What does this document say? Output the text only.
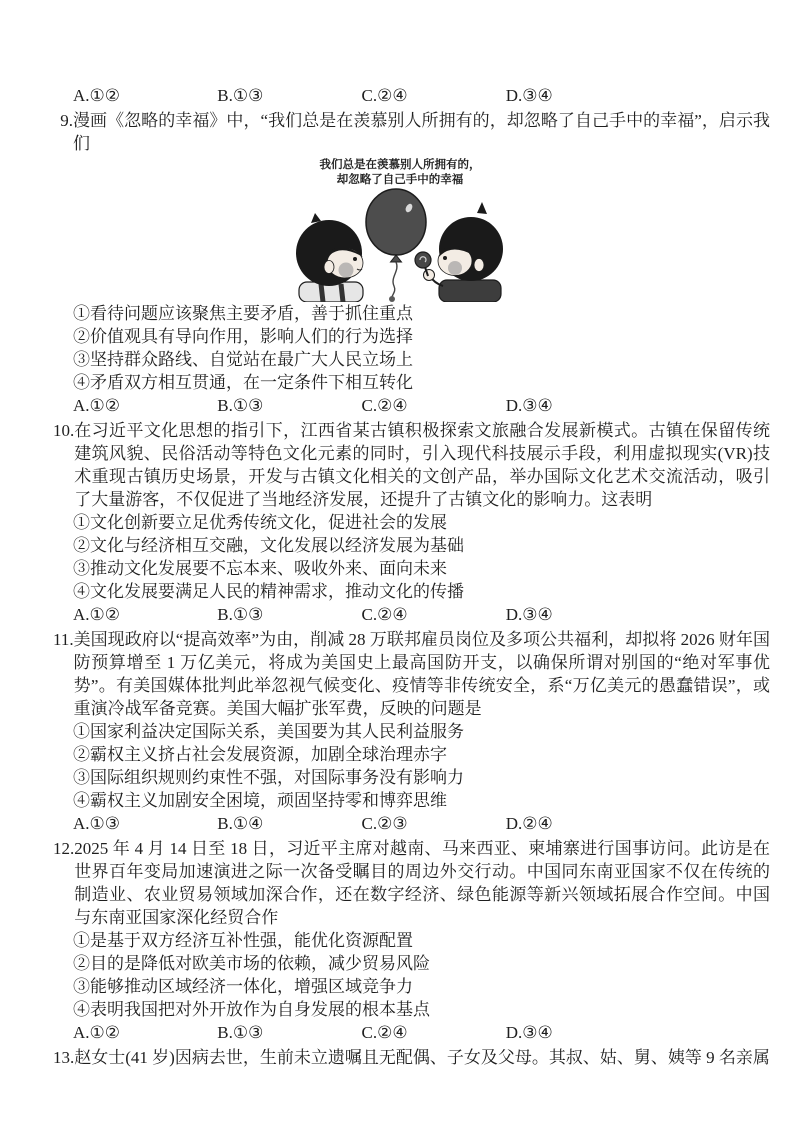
A.①②	B.①③	C.②④	D.③④
9. 漫画《忽略的幸福》中，“我们总是在羡慕别人所拥有的，却忽略了自己手中的幸福”，启示我们
我们总是在羡慕别人所拥有的，
却忽略了自己手中的幸福
①看待问题应该聚焦主要矛盾，善于抓住重点
②价值观具有导向作用，影响人们的行为选择
③坚持群众路线、自觉站在最广大人民立场上
④矛盾双方相互贯通，在一定条件下相互转化
A.①②	B.①③	C.②④	D.③④
10. 在习近平文化思想的指引下，江西省某古镇积极探索文旅融合发展新模式。古镇在保留传统建筑风貌、民俗活动等特色文化元素的同时，引入现代科技展示手段，利用虚拟现实(VR)技术重现古镇历史场景，开发与古镇文化相关的文创产品，举办国际文化艺术交流活动，吸引了大量游客，不仅促进了当地经济发展，还提升了古镇文化的影响力。这表明
①文化创新要立足优秀传统文化，促进社会的发展
②文化与经济相互交融，文化发展以经济发展为基础
③推动文化发展要不忘本来、吸收外来、面向未来
④文化发展要满足人民的精神需求，推动文化的传播
A.①②	B.①③	C.②④	D.③④
11. 美国现政府以“提高效率”为由，削减 28 万联邦雇员岗位及多项公共福利，却拟将 2026 财年国防预算增至 1 万亿美元，将成为美国史上最高国防开支，以确保所谓对别国的“绝对军事优势”。有美国媒体批判此举忽视气候变化、疫情等非传统安全，系“万亿美元的愚蠢错误”，或重演冷战军备竞赛。美国大幅扩张军费，反映的问题是
①国家利益决定国际关系，美国要为其人民利益服务
②霸权主义挤占社会发展资源，加剧全球治理赤字
③国际组织规则约束性不强，对国际事务没有影响力
④霸权主义加剧安全困境，顽固坚持零和博弈思维
A.①③	B.①④	C.②③	D.②④
12. 2025 年 4 月 14 日至 18 日，习近平主席对越南、马来西亚、柬埔寨进行国事访问。此访是在世界百年变局加速演进之际一次备受瞩目的周边外交行动。中国同东南亚国家不仅在传统的制造业、农业贸易领域加深合作，还在数字经济、绿色能源等新兴领域拓展合作空间。中国与东南亚国家深化经贸合作
①是基于双方经济互补性强，能优化资源配置
②目的是降低对欧美市场的依赖，减少贸易风险
③能够推动区域经济一体化，增强区域竞争力
④表明我国把对外开放作为自身发展的根本基点
A.①②	B.①③	C.②④	D.③④
13. 赵女士(41 岁)因病去世，生前未立遗嘱且无配偶、子女及父母。其叔、姑、舅、姨等 9 名亲属
